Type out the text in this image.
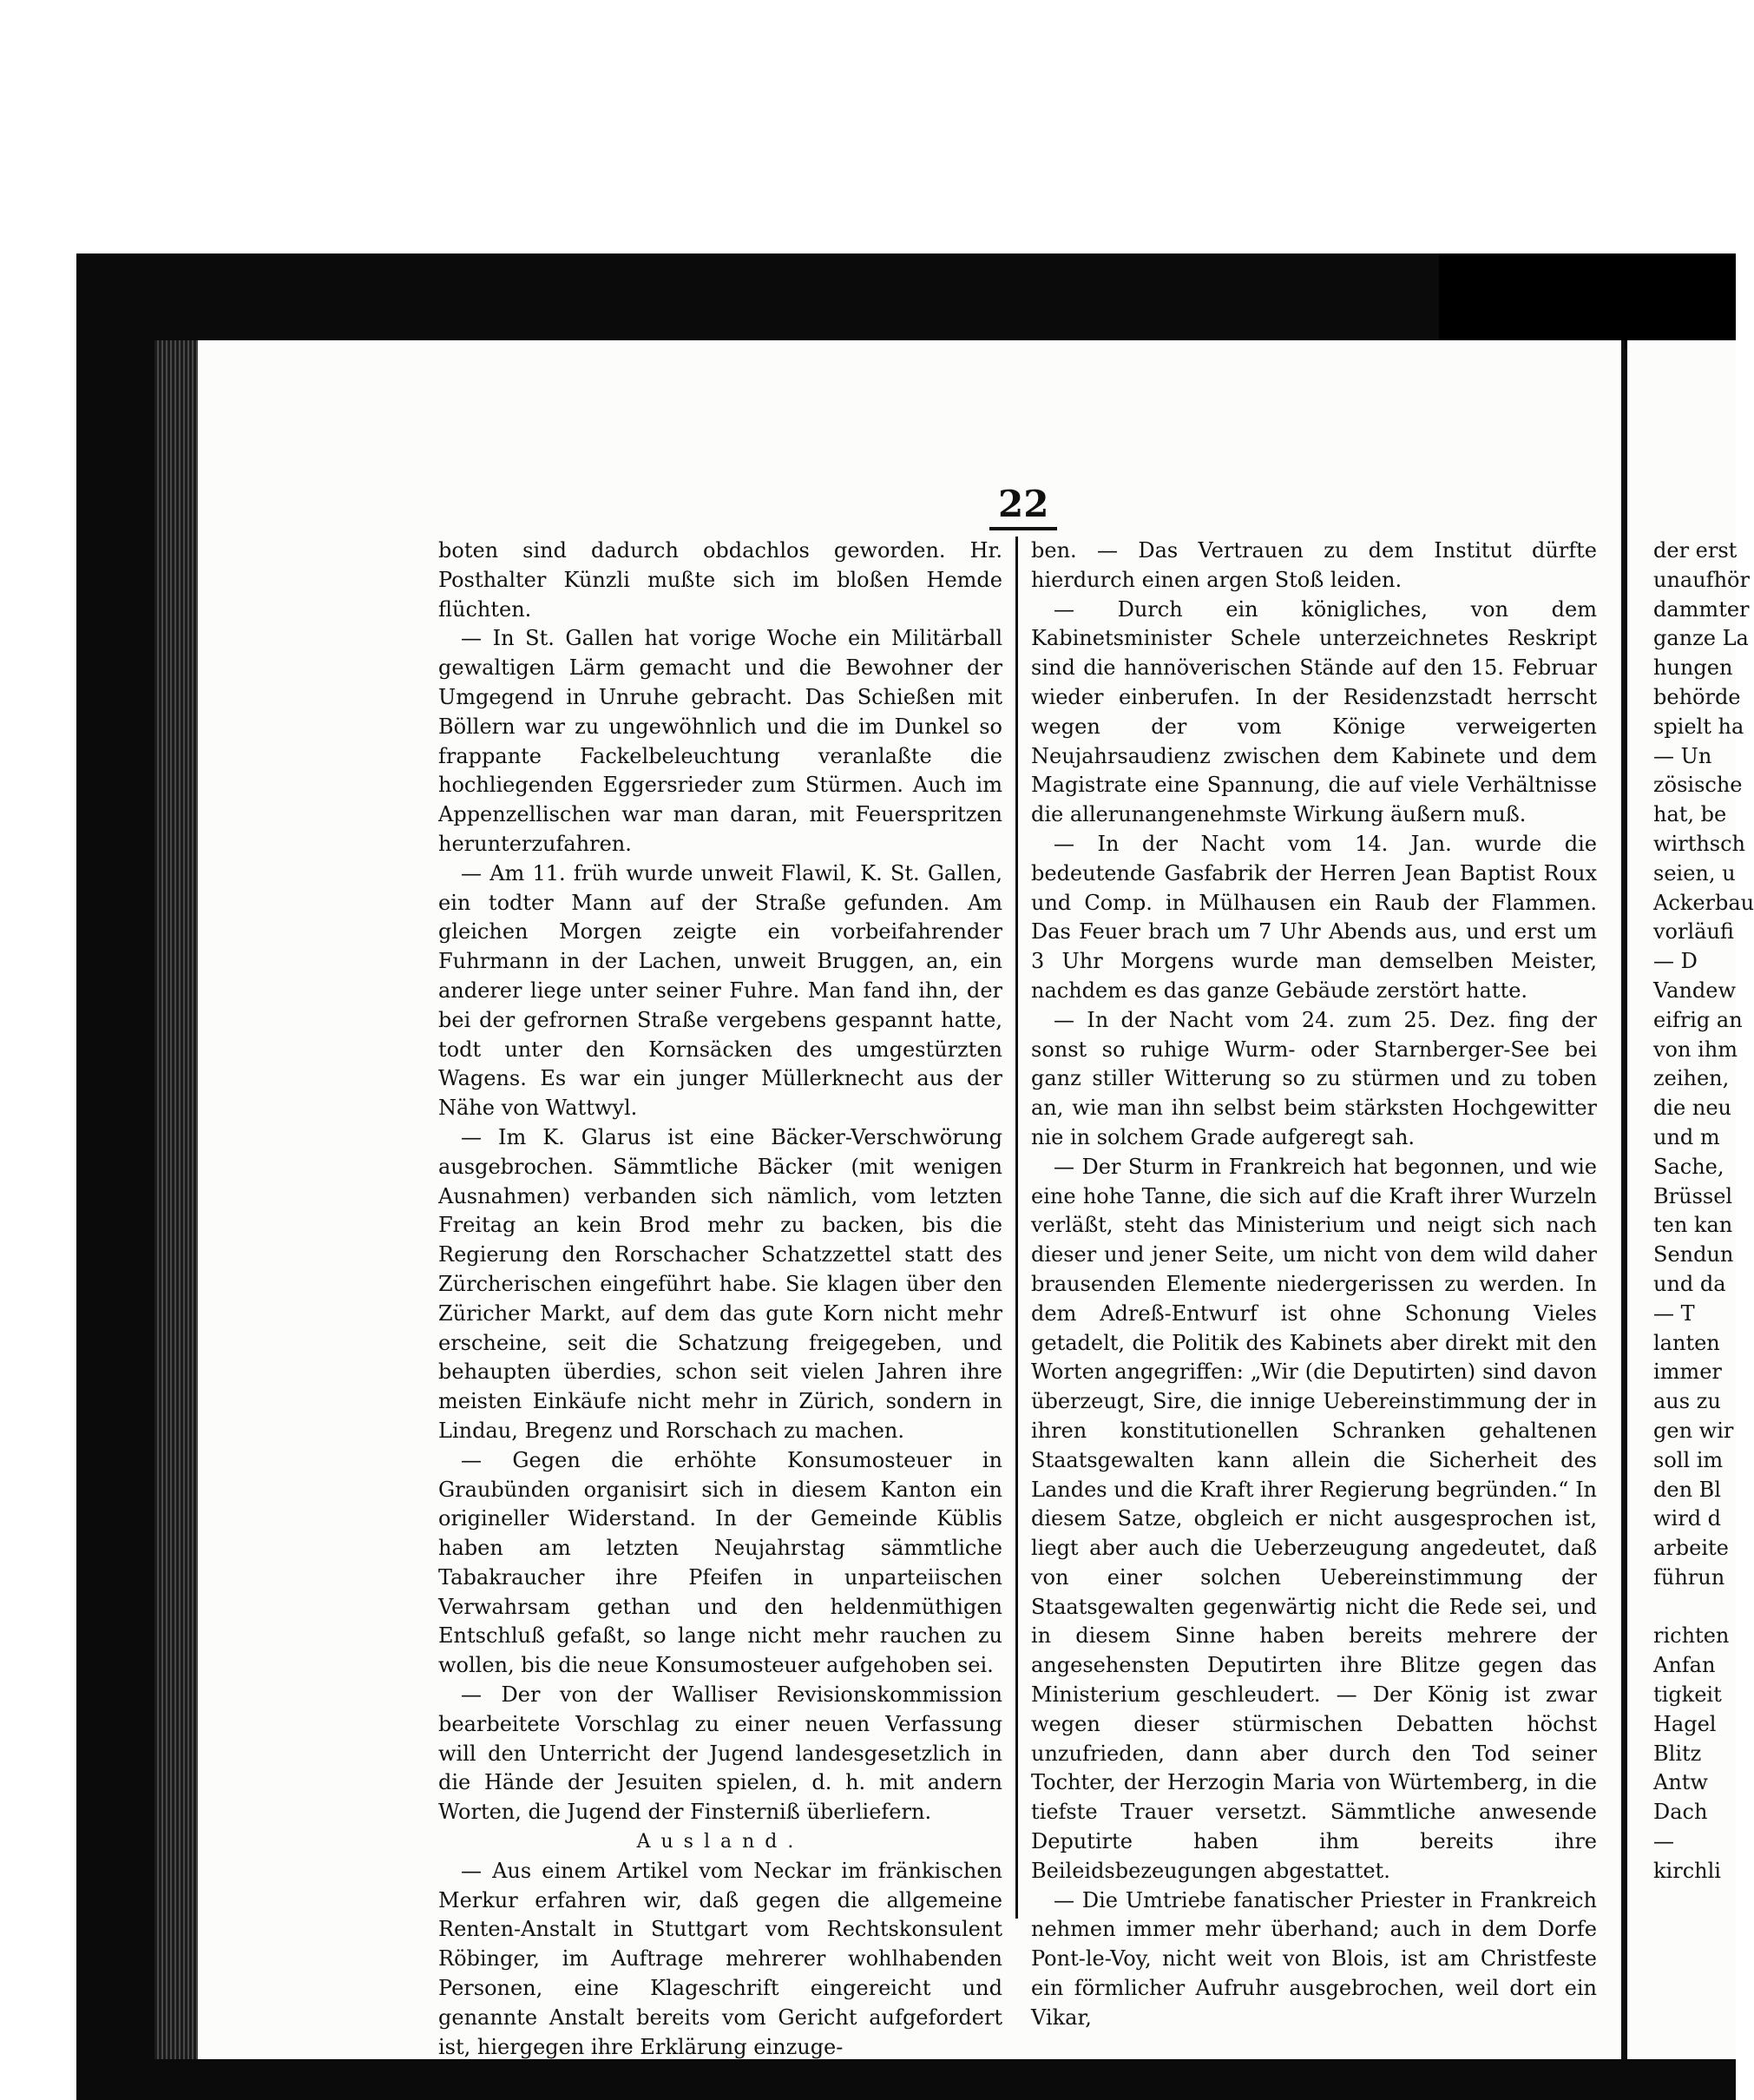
22

boten sind dadurch obdachlos geworden. Hr. Posthalter Künzli mußte sich im bloßen Hemde flüchten.

— In St. Gallen hat vorige Woche ein Militärball gewaltigen Lärm gemacht und die Bewohner der Umgegend in Unruhe gebracht. Das Schießen mit Böllern war zu ungewöhnlich und die im Dunkel so frappante Fackelbeleuchtung veranlaßte die hochliegenden Eggersrieder zum Stürmen. Auch im Appenzellischen war man daran, mit Feuerspritzen herunterzufahren.

— Am 11. früh wurde unweit Flawil, K. St. Gallen, ein todter Mann auf der Straße gefunden. Am gleichen Morgen zeigte ein vorbeifahrender Fuhrmann in der Lachen, unweit Bruggen, an, ein anderer liege unter seiner Fuhre. Man fand ihn, der bei der gefrornen Straße vergebens gespannt hatte, todt unter den Kornsäcken des umgestürzten Wagens. Es war ein junger Müllerknecht aus der Nähe von Wattwyl.

— Im K. Glarus ist eine Bäcker-Verschwörung ausgebrochen. Sämmtliche Bäcker (mit wenigen Ausnahmen) verbanden sich nämlich, vom letzten Freitag an kein Brod mehr zu backen, bis die Regierung den Rorschacher Schatzzettel statt des Zürcherischen eingeführt habe. Sie klagen über den Züricher Markt, auf dem das gute Korn nicht mehr erscheine, seit die Schatzung freigegeben, und behaupten überdies, schon seit vielen Jahren ihre meisten Einkäufe nicht mehr in Zürich, sondern in Lindau, Bregenz und Rorschach zu machen.

— Gegen die erhöhte Konsumosteuer in Graubünden organisirt sich in diesem Kanton ein origineller Widerstand. In der Gemeinde Küblis haben am letzten Neujahrstag sämmtliche Tabakraucher ihre Pfeifen in unparteiischen Verwahrsam gethan und den heldenmüthigen Entschluß gefaßt, so lange nicht mehr rauchen zu wollen, bis die neue Konsumosteuer aufgehoben sei.

— Der von der Walliser Revisionskommission bearbeitete Vorschlag zu einer neuen Verfassung will den Unterricht der Jugend landesgesetzlich in die Hände der Jesuiten spielen, d. h. mit andern Worten, die Jugend der Finsterniß überliefern.

Ausland.

— Aus einem Artikel vom Neckar im fränkischen Merkur erfahren wir, daß gegen die allgemeine Renten-Anstalt in Stuttgart vom Rechtskonsulent Röbinger, im Auftrage mehrerer wohlhabenden Personen, eine Klageschrift eingereicht und genannte Anstalt bereits vom Gericht aufgefordert ist, hiergegen ihre Erklärung einzuge-

ben. — Das Vertrauen zu dem Institut dürfte hierdurch einen argen Stoß leiden.

— Durch ein königliches, von dem Kabinetsminister Schele unterzeichnetes Reskript sind die hannöverischen Stände auf den 15. Februar wieder einberufen. In der Residenzstadt herrscht wegen der vom Könige verweigerten Neujahrsaudienz zwischen dem Kabinete und dem Magistrate eine Spannung, die auf viele Verhältnisse die allerunangenehmste Wirkung äußern muß.

— In der Nacht vom 14. Jan. wurde die bedeutende Gasfabrik der Herren Jean Baptist Roux und Comp. in Mülhausen ein Raub der Flammen. Das Feuer brach um 7 Uhr Abends aus, und erst um 3 Uhr Morgens wurde man demselben Meister, nachdem es das ganze Gebäude zerstört hatte.

— In der Nacht vom 24. zum 25. Dez. fing der sonst so ruhige Wurm- oder Starnberger-See bei ganz stiller Witterung so zu stürmen und zu toben an, wie man ihn selbst beim stärksten Hochgewitter nie in solchem Grade aufgeregt sah.

— Der Sturm in Frankreich hat begonnen, und wie eine hohe Tanne, die sich auf die Kraft ihrer Wurzeln verläßt, steht das Ministerium und neigt sich nach dieser und jener Seite, um nicht von dem wild daher brausenden Elemente niedergerissen zu werden. In dem Adreß-Entwurf ist ohne Schonung Vieles getadelt, die Politik des Kabinets aber direkt mit den Worten angegriffen: „Wir (die Deputirten) sind davon überzeugt, Sire, die innige Uebereinstimmung der in ihren konstitutionellen Schranken gehaltenen Staatsgewalten kann allein die Sicherheit des Landes und die Kraft ihrer Regierung begründen.“ In diesem Satze, obgleich er nicht ausgesprochen ist, liegt aber auch die Ueberzeugung angedeutet, daß von einer solchen Uebereinstimmung der Staatsgewalten gegenwärtig nicht die Rede sei, und in diesem Sinne haben bereits mehrere der angesehensten Deputirten ihre Blitze gegen das Ministerium geschleudert. — Der König ist zwar wegen dieser stürmischen Debatten höchst unzufrieden, dann aber durch den Tod seiner Tochter, der Herzogin Maria von Würtemberg, in die tiefste Trauer versetzt. Sämmtliche anwesende Deputirte haben ihm bereits ihre Beileidsbezeugungen abgestattet.

— Die Umtriebe fanatischer Priester in Frankreich nehmen immer mehr überhand; auch in dem Dorfe Pont-le-Voy, nicht weit von Blois, ist am Christfeste ein förmlicher Aufruhr ausgebrochen, weil dort ein Vikar,

der erst
unaufhör
dammter
ganze La
hungen
behörde
spielt ha
— Un
zösische
hat, be
wirthsch
seien, u
Ackerbau
vorläufi
— D
Vandew
eifrig an
von ihm
zeihen,
die neu
und m
Sache,
Brüssel
ten kan
Sendun
und da
— T
lanten
immer
aus zu
gen wir
soll im
den Bl
wird d
arbeite
führun
richten
Anfan
tigkeit
Hagel
Blitz
Antw
Dach
—
kirchli
